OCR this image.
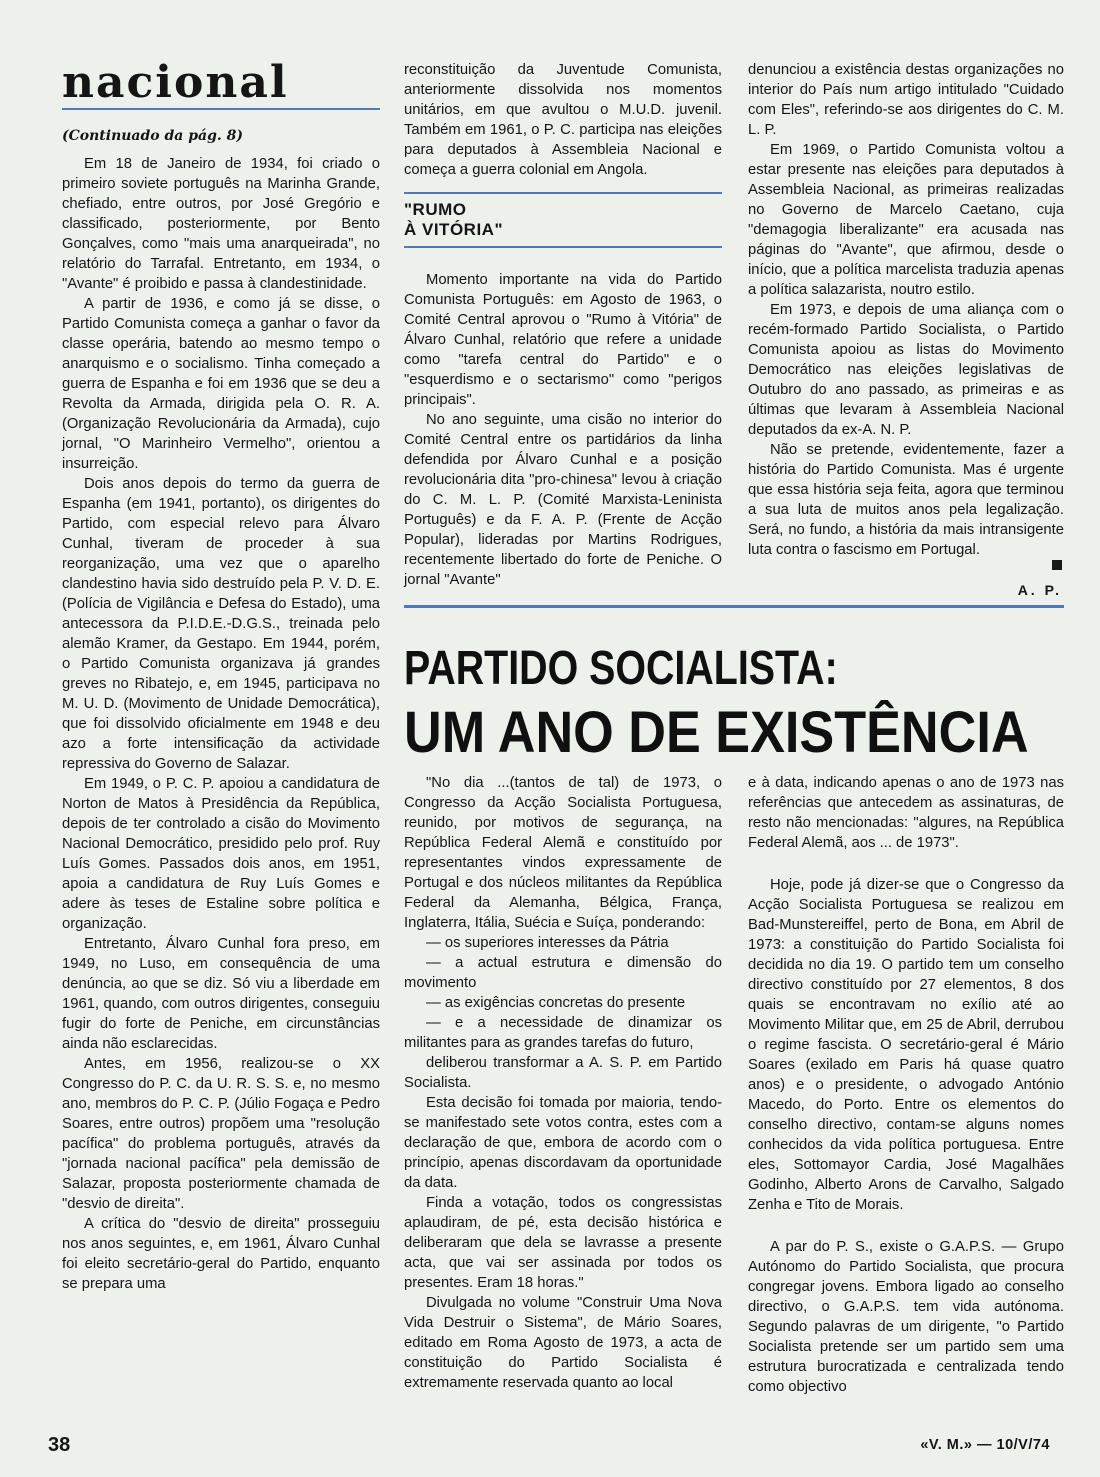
nacional
(Continuado da pág. 8)

Em 18 de Janeiro de 1934, foi criado o primeiro soviete português na Marinha Grande, chefiado, entre outros, por José Gregório e classificado, posteriormente, por Bento Gonçalves, como "mais uma anarqueirada", no relatório do Tarrafal. Entretanto, em 1934, o "Avante" é proibido e passa à clandestinidade.

A partir de 1936, e como já se disse, o Partido Comunista começa a ganhar o favor da classe operária, batendo ao mesmo tempo o anarquismo e o socialismo. Tinha começado a guerra de Espanha e foi em 1936 que se deu a Revolta da Armada, dirigida pela O. R. A. (Organização Revolucionária da Armada), cujo jornal, "O Marinheiro Vermelho", orientou a insurreição.

Dois anos depois do termo da guerra de Espanha (em 1941, portanto), os dirigentes do Partido, com especial relevo para Álvaro Cunhal, tiveram de proceder à sua reorganização, uma vez que o aparelho clandestino havia sido destruído pela P. V. D. E. (Polícia de Vigilância e Defesa do Estado), uma antecessora da P.I.D.E.-D.G.S., treinada pelo alemão Kramer, da Gestapo. Em 1944, porém, o Partido Comunista organizava já grandes greves no Ribatejo, e, em 1945, participava no M. U. D. (Movimento de Unidade Democrática), que foi dissolvido oficialmente em 1948 e deu azo a forte intensificação da actividade repressiva do Governo de Salazar.

Em 1949, o P. C. P. apoiou a candidatura de Norton de Matos à Presidência da República, depois de ter controlado a cisão do Movimento Nacional Democrático, presidido pelo prof. Ruy Luís Gomes. Passados dois anos, em 1951, apoia a candidatura de Ruy Luís Gomes e adere às teses de Estaline sobre política e organização.

Entretanto, Álvaro Cunhal fora preso, em 1949, no Luso, em consequência de uma denúncia, ao que se diz. Só viu a liberdade em 1961, quando, com outros dirigentes, conseguiu fugir do forte de Peniche, em circunstâncias ainda não esclarecidas.

Antes, em 1956, realizou-se o XX Congresso do P. C. da U. R. S. S. e, no mesmo ano, membros do P. C. P. (Júlio Fogaça e Pedro Soares, entre outros) propõem uma "resolução pacífica" do problema português, através da "jornada nacional pacífica" pela demissão de Salazar, proposta posteriormente chamada de "desvio de direita".

A crítica do "desvio de direita" prosseguiu nos anos seguintes, e, em 1961, Álvaro Cunhal foi eleito secretário-geral do Partido, enquanto se prepara uma

reconstituição da Juventude Comunista, anteriormente dissolvida nos momentos unitários, em que avultou o M.U.D. juvenil. Também em 1961, o P. C. participa nas eleições para deputados à Assembleia Nacional e começa a guerra colonial em Angola.

"RUMO
À VITÓRIA"

Momento importante na vida do Partido Comunista Português: em Agosto de 1963, o Comité Central aprovou o "Rumo à Vitória" de Álvaro Cunhal, relatório que refere a unidade como "tarefa central do Partido" e o "esquerdismo e o sectarismo" como "perigos principais".

No ano seguinte, uma cisão no interior do Comité Central entre os partidários da linha defendida por Álvaro Cunhal e a posição revolucionária dita "pro-chinesa" levou à criação do C. M. L. P. (Comité Marxista-Leninista Português) e da F. A. P. (Frente de Acção Popular), lideradas por Martins Rodrigues, recentemente libertado do forte de Peniche. O jornal "Avante"

denunciou a existência destas organizações no interior do País num artigo intitulado "Cuidado com Eles", referindo-se aos dirigentes do C. M. L. P.

Em 1969, o Partido Comunista voltou a estar presente nas eleições para deputados à Assembleia Nacional, as primeiras realizadas no Governo de Marcelo Caetano, cuja "demagogia liberalizante" era acusada nas páginas do "Avante", que afirmou, desde o início, que a política marcelista traduzia apenas a política salazarista, noutro estilo.

Em 1973, e depois de uma aliança com o recém-formado Partido Socialista, o Partido Comunista apoiou as listas do Movimento Democrático nas eleições legislativas de Outubro do ano passado, as primeiras e as últimas que levaram à Assembleia Nacional deputados da ex-A. N. P.

Não se pretende, evidentemente, fazer a história do Partido Comunista. Mas é urgente que essa história seja feita, agora que terminou a sua luta de muitos anos pela legalização. Será, no fundo, a história da mais intransigente luta contra o fascismo em Portugal.

A. P.
PARTIDO SOCIALISTA:
UM ANO DE EXISTÊNCIA

"No dia ...(tantos de tal) de 1973, o Congresso da Acção Socialista Portuguesa, reunido, por motivos de segurança, na República Federal Alemã e constituído por representantes vindos expressamente de Portugal e dos núcleos militantes da República Federal da Alemanha, Bélgica, França, Inglaterra, Itália, Suécia e Suíça, ponderando:

— os superiores interesses da Pátria

— a actual estrutura e dimensão do movimento

— as exigências concretas do presente

— e a necessidade de dinamizar os militantes para as grandes tarefas do futuro,

deliberou transformar a A. S. P. em Partido Socialista.

Esta decisão foi tomada por maioria, tendo-se manifestado sete votos contra, estes com a declaração de que, embora de acordo com o princípio, apenas discordavam da oportunidade da data.

Finda a votação, todos os congressistas aplaudiram, de pé, esta decisão histórica e deliberaram que dela se lavrasse a presente acta, que vai ser assinada por todos os presentes. Eram 18 horas."

Divulgada no volume "Construir Uma Nova Vida Destruir o Sistema", de Mário Soares, editado em Roma Agosto de 1973, a acta de constituição do Partido Socialista é extremamente reservada quanto ao local

e à data, indicando apenas o ano de 1973 nas referências que antecedem as assinaturas, de resto não mencionadas: "algures, na República Federal Alemã, aos ... de 1973".

Hoje, pode já dizer-se que o Congresso da Acção Socialista Portuguesa se realizou em Bad-Munstereiffel, perto de Bona, em Abril de 1973: a constituição do Partido Socialista foi decidida no dia 19. O partido tem um conselho directivo constituído por 27 elementos, 8 dos quais se encontravam no exílio até ao Movimento Militar que, em 25 de Abril, derrubou o regime fascista. O secretário-geral é Mário Soares (exilado em Paris há quase quatro anos) e o presidente, o advogado António Macedo, do Porto. Entre os elementos do conselho directivo, contam-se alguns nomes conhecidos da vida política portuguesa. Entre eles, Sottomayor Cardia, José Magalhães Godinho, Alberto Arons de Carvalho, Salgado Zenha e Tito de Morais.

A par do P. S., existe o G.A.P.S. — Grupo Autónomo do Partido Socialista, que procura congregar jovens. Embora ligado ao conselho directivo, o G.A.P.S. tem vida autónoma. Segundo palavras de um dirigente, "o Partido Socialista pretende ser um partido sem uma estrutura burocratizada e centralizada tendo como objectivo

38	«V. M.» — 10/V/74
